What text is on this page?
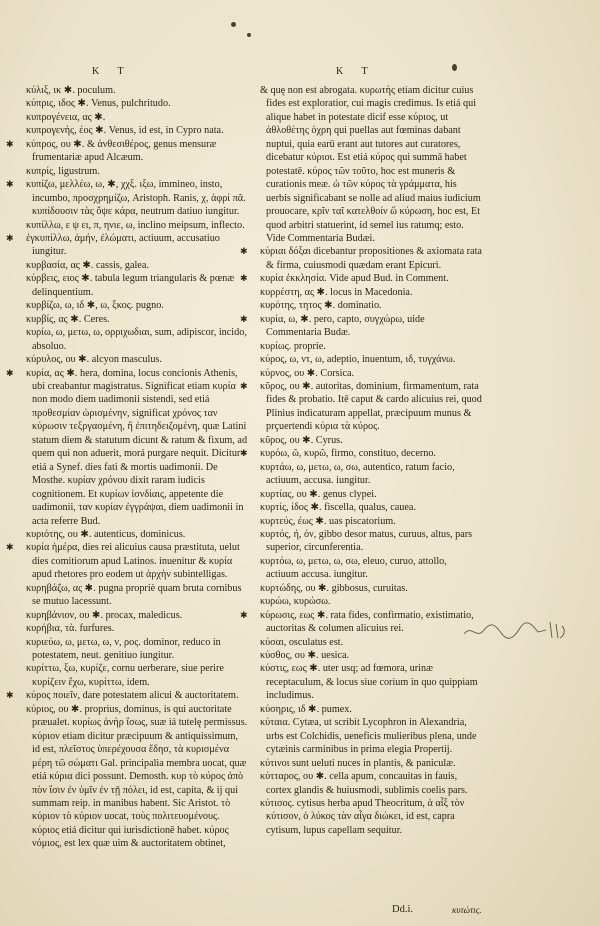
K T	K T

κύλιξ, ικ ✱. poculum.

κύπρις, ιδος ✱. Venus, pulchritudo.

κυπρογένεια, ας ✱.

κυπρογενὴς, έος ✱. Venus, id est, in Cypro nata.

✱ κύπρος, ου ✱. & ἀνθεσιθέρος, genus mensuræ frumentariæ apud Alcæum.

κυπρίς, ligustrum.

✱ κυπίζω, μελλέω, ω, ✱, χχξ. ιξω, immineo, insto, incumbo, προσχρημίζω, Aristoph. Ranis, χ, ἀφρί πᾶ. κυπίδουσιν τὰς ὄψε κάρα, neutrum datiuo iungitur.

κυπίλλω, ε ψ ει, π, ηνιε, ω, inclino meipsum, inflecto.

✱ ἐγκυπίλλω, ἀμήν, ἐλώματι, actiuum, accusatiuo iungitur.

κυρβασία, ας ✱. cassis, galea.

κύρβεις, ειος ✱. tabula legum triangularis & pœnæ delinquentium.

κυρβίζω, ω, ιδ ✱, ω, ξκος. pugno.

κυρβίς, ας ✱. Ceres.

κυρίω, ω, μετω, ω, ορριχωδιαι, sum, adipiscor, incido, absoluo.

κύρυλος, ου ✱. alcyon masculus.

✱ κυρία, ας ✱. hera, domina, locus concionis Athenis, ubi creabantur magistratus. Significat etiam κυρία non modo diem uadimonii sistendi, sed etiá προθεσμίαν ὡρισμένην, significat χρόνος ταν κύρωσιν τεξργασμένη, ἢ ἐπιτηδειζομένη, quæ Latini statum diem & statutum dicunt & ratum & fixum, ad quem qui non aduerit, morá purgare nequit. Dicitur etiá a Synef. dies fati & mortis uadimonii. De Mosthe. κυρίαν χρόνου dixit raram iudicis cognitionem. Et κυρίων ἰσνδίαις, appetente die uadimonii, ταν κυρίαν ἐγγράψαι, diem uadimonii in acta referre Bud.

κυριότης, ου ✱. autenticus, dominicus.

✱ κυρία ἡμέρα, dies rei alicuius causa præstituta, uelut dies comitiorum apud Latinos. inuenitur & κυρία apud rhetores pro eodem ut ἀρχὴν subintelligas.

κυρηβάζω, ας ✱. pugna propriè quam bruta cornibus se mutuo lacessunt.

κυρηβάνιον, ου ✱. procax, maledicus.

κυρήβια, τὰ. furfures.

κυριεύω, ω, μετω, ω, ν, ρος. dominor, reduco in potestatem, neut. genitiuo iungitur.

κυρίττω, ξω, κυρίζε, cornu uerberare, siue perire κυρίζειν ἔχω, κυρίττω, idem.

✱ κύρος ποιεῖν, dare potestatem alicui & auctoritatem.

κύριος, ου ✱. proprius, dominus, is qui auctoritate præualet. κυρίως ἀνὴρ ἴσως, suæ iá tutelę permissus. κύριον etiam dicitur præcipuum & antiquissimum, id est, πλεῖστος ὑπερέχουσα ἔδησ, τὰ κυρισμένα μέρη τῶ σώματι Gal. principalia membra uocat, quæ etiá κύρια dici possunt. Demosth. κυρ τὸ κύρος ἀπὸ πὸν ἴσιν ἐν ὑμῖν ἐν τῇ πόλει, id est, capita, & ij qui summam reip. in manibus habent. Sic Aristot. τὸ κύριον τὸ κύριον uocat, τοὺς πολιτευομένους. κύριος etiá dicitur qui iurisdictionē habet. κύρος νόμιος, est lex quæ uim & auctoritatem obtinet,

& quę non est abrogata. κυρωτὴς etiam dicitur cuius fides est exploratior, cui magis credimus. Is etiá qui alique habet in potestate dicif esse κύριος, ut ἀθλοθέτης ὁχρη qui puellas aut fœminas dabant nuptui, quia earū erant aut tutores aut curatores, dicebatur κύριοι. Est etiá κύρος qui summā habet potestatē. κύρος τῶν τοῦτο, hoc est muneris & curationis meæ. ὡ τῶν κύρος τὰ γράμματα, his uerbis significabant se nolle ad aliud maius iudicium prouocare, κρῖν ταῖ κατελθοίν ὥ κύρωση, hoc est, Et quod arbitri statuerint, id semel ius ratumq; esto. Vide Commentaria Budæi.

✱ κύριαι δόξαι dicebantur propositiones & axiomata rata & firma, cuiusmodi quædam erant Epicuri.

✱ κυρία ἐκκλησία. Vide apud Bud. in Comment.

κυρρέστη, ας ✱. locus in Macedonia.

κυρότης, τητος ✱. dominatio.

✱ κυρία, ω, ✱. pero, capto, συγχώρω, uide Commentaria Budæ.

κυρίως. proprie.

κύρος, ω, ντ, ω, adeptio, inuentum, ιδ, τυγχάνω.

κύρνος, ου ✱. Corsica.

✱ κῦρος, ου ✱. autoritas, dominium, firmamentum, rata fides & probatio. Itē caput & cardo alicuius rei, quod Plinius indicaturam appellat, præcipuum munus & prçuertendi κύρια τὰ κύρος.

κῦρος, ου ✱. Cyrus.

✱ κυρόω, ῶ, κυρῶ, firmo, constituo, decerno.

κυρτάω, ω, μετω, ω, σω, autentico, ratum facio, actiuum, accusa. iungitur.

κυρτίας, ου ✱. genus clypei.

κυρτίς, ίδος ✱. fiscella, qualus, cauea.

κυρτεύς, έως ✱. uas piscatorium.

κυρτός, ή, όν, gibbo desor matus, curuus, altus, pars superior, circunferentia.

κυρτόω, ω, μετω, ω, σω, eleuo, curuo, attollo, actiuum accusa. iungitur.

κυρτώδης, ου ✱. gibbosus, curuitas.

κυρώω, κυρώσω.

✱ κύρωσις, εως ✱. rata fides, confirmatio, existimatio, auctoritas & columen alicuius rei.

κύσαι, osculatus est.

κύσθος, ου ✱. uesica.

κύστις, εως ✱. uter usq; ad fœmora, urinæ receptaculum, & locus siue corium in quo quippiam includimus.

κύσηρις, ιδ ✱. pumex.

κύταια. Cytæa, ut scribit Lycophron in Alexandria, urbs est Colchidis, ueneficis mulieribus plena, unde cytæinis carminibus in prima elegia Propertij.

κύτινοι sunt ueluti nuces in plantis, & paniculæ.

κύτταρος, ου ✱. cella apum, concauitas in fauis, cortex glandis & huiusmodi, sublimis coelis pars.

κύτισος. cytisus herba apud Theocritum, ἁ αἶξ τὸν κύτισον, ὁ λύκος τὰν αἶγα διώκει, id est, capra cytisum, lupus capellam sequitur.

Dd.i.	κυτώτις.
